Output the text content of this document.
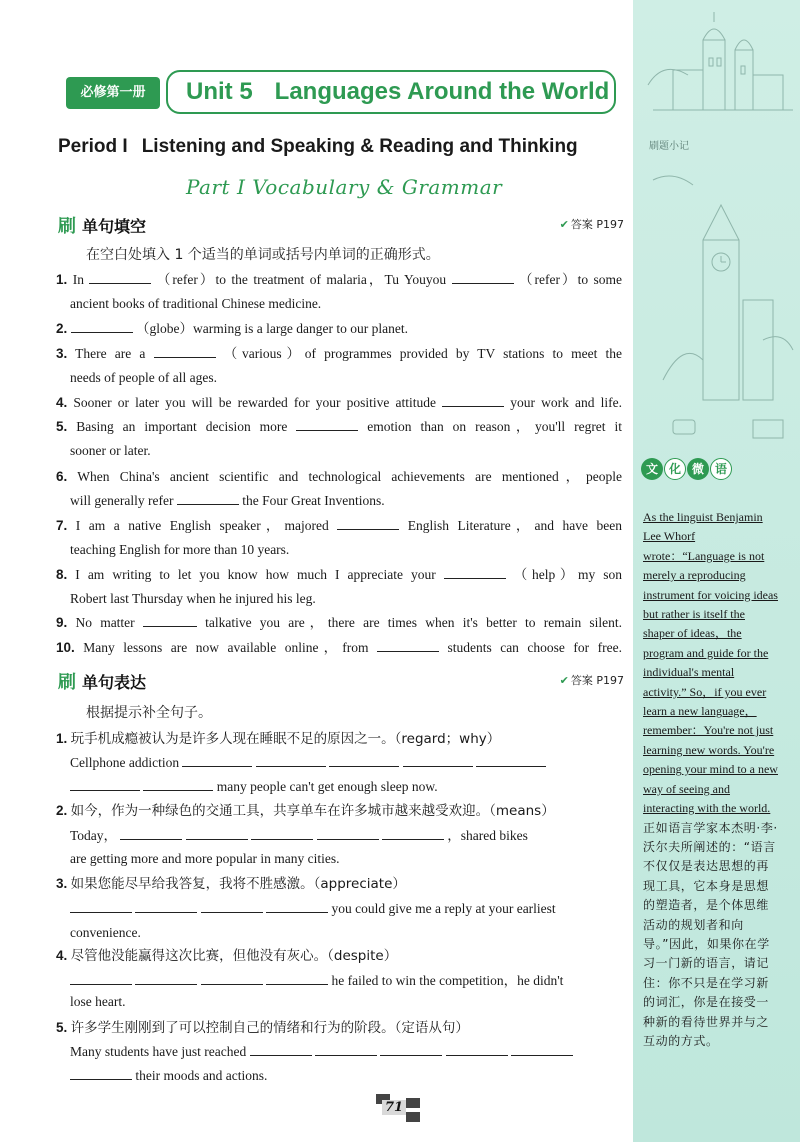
必修第一册	Unit 5 Languages Around the World
Period I Listening and Speaking & Reading and Thinking
Part I Vocabulary & Grammar
刷 单句填空	✔ 答案 P197
在空白处填入 1 个适当的单词或括号内单词的正确形式。
1. In	（refer）to the treatment of malaria，Tu Youyou	（refer）to some
ancient books of traditional Chinese medicine.
2.	（globe）warming is a large danger to our planet.
3. There are a	（various）of programmes provided by TV stations to meet the
needs of people of all ages.
4. Sooner or later you will be rewarded for your positive attitude	your work and life.
5. Basing an important decision more	emotion than on reason，you'll regret it
sooner or later.
6. When China's ancient scientific and technological achievements are mentioned，people
will generally refer	the Four Great Inventions.
7. I am a native English speaker，majored	English Literature，and have been
teaching English for more than 10 years.
8. I am writing to let you know how much I appreciate your	（help）my son
Robert last Thursday when he injured his leg.
9. No matter	talkative you are，there are times when it's better to remain silent.
10. Many lessons are now available online，from	students can choose for free.
刷 单句表达	✔ 答案 P197
根据提示补全句子。
1. 玩手机成瘾被认为是许多人现在睡眠不足的原因之一。（regard；why）
Cellphone addiction
many people can't get enough sleep now.
2. 如今，作为一种绿色的交通工具，共享单车在许多城市越来越受欢迎。（means）
Today，	，shared bikes
are getting more and more popular in many cities.
3. 如果您能尽早给我答复，我将不胜感激。（appreciate）
you could give me a reply at your earliest
convenience.
4. 尽管他没能赢得这次比赛，但他没有灰心。（despite）
he failed to win the competition，he didn't
lose heart.
5. 许多学生刚刚到了可以控制自己的情绪和行为的阶段。（定语从句）
Many students have just reached
their moods and actions.
71
刷题小记
文 化 微 语
As the linguist Benjamin Lee Whorf wrote：“Language is not merely a reproducing instrument for voicing ideas but rather is itself the shaper of ideas，the program and guide for the individual's mental activity.” So，if you ever learn a new language，remember：You're not just learning new words. You're opening your mind to a new way of seeing and interacting with the world.正如语言学家本杰明·李·沃尔夫所阐述的：“语言不仅仅是表达思想的再现工具，它本身是思想的塑造者，是个体思维活动的规划者和向导。”因此，如果你在学习一门新的语言，请记住：你不只是在学习新的词汇，你是在接受一种新的看待世界并与之互动的方式。
